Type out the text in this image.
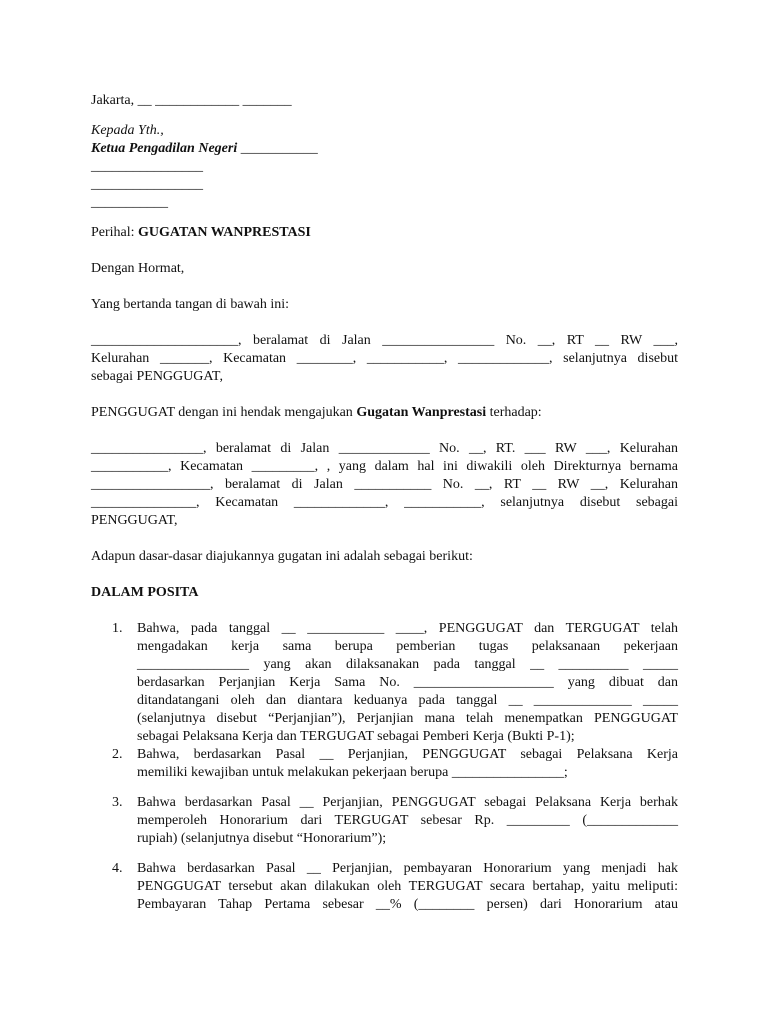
Jakarta, __ ____________ _______

Kepada Yth.,

Ketua Pengadilan Negeri ___________

________________

________________

___________

Perihal: GUGATAN WANPRESTASI

Dengan Hormat,

Yang bertanda tangan di bawah ini:

_____________________, beralamat di Jalan ________________ No. __, RT __ RW ___,

Kelurahan _______, Kecamatan ________, ___________, _____________, selanjutnya disebut

sebagai PENGGUGAT,

PENGGUGAT dengan ini hendak mengajukan Gugatan Wanprestasi terhadap:

________________, beralamat di Jalan _____________ No. __, RT. ___ RW ___, Kelurahan

___________, Kecamatan _________, , yang dalam hal ini diwakili oleh Direkturnya bernama

_________________, beralamat di Jalan ___________ No. __, RT __ RW __, Kelurahan

_______________, Kecamatan _____________, ___________, selanjutnya disebut sebagai

PENGGUGAT,

Adapun dasar-dasar diajukannya gugatan ini adalah sebagai berikut:

DALAM POSITA

1. Bahwa, pada tanggal __ ___________ ____, PENGGUGAT dan TERGUGAT telah

mengadakan kerja sama berupa pemberian tugas pelaksanaan pekerjaan

________________ yang akan dilaksanakan pada tanggal __ __________ _____

berdasarkan Perjanjian Kerja Sama No. ____________________ yang dibuat dan

ditandatangani oleh dan diantara keduanya pada tanggal __ ______________ _____

(selanjutnya disebut “Perjanjian”), Perjanjian mana telah menempatkan PENGGUGAT

sebagai Pelaksana Kerja dan TERGUGAT sebagai Pemberi Kerja (Bukti P-1);

2. Bahwa, berdasarkan Pasal __ Perjanjian, PENGGUGAT sebagai Pelaksana Kerja

memiliki kewajiban untuk melakukan pekerjaan berupa ________________;

3. Bahwa berdasarkan Pasal __ Perjanjian, PENGGUGAT sebagai Pelaksana Kerja berhak

memperoleh Honorarium dari TERGUGAT sebesar Rp. _________ (_____________

rupiah) (selanjutnya disebut “Honorarium”);

4. Bahwa berdasarkan Pasal __ Perjanjian, pembayaran Honorarium yang menjadi hak

PENGGUGAT tersebut akan dilakukan oleh TERGUGAT secara bertahap, yaitu meliputi:

Pembayaran Tahap Pertama sebesar __% (________ persen) dari Honorarium atau
